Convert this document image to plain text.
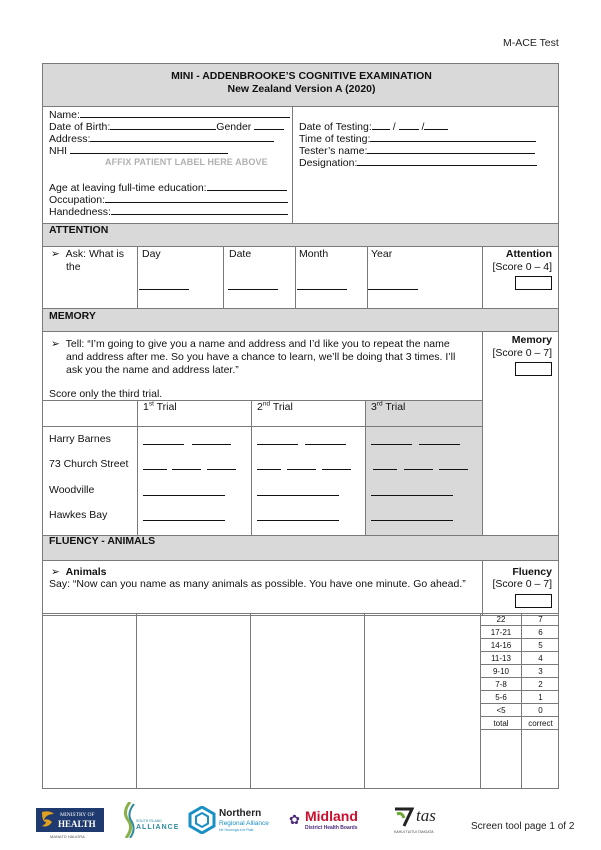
M-ACE Test
MINI - ADDENBROOKE’S COGNITIVE EXAMINATION
New Zealand Version A (2020)
Name:
Date of Birth:	Gender
Address:
NHI
AFFIX PATIENT LABEL HERE ABOVE
Age at leaving full-time education:
Occupation:
Handedness:
Date of Testing: / /
Time of testing:
Tester’s name:
Designation:
ATTENTION
➢ Ask: What is
the
Day	Date	Month	Year	Attention
[Score 0 – 4]
MEMORY
➢ Tell: “I’m going to give you a name and address and I’d like you to repeat the name
and address after me. So you have a chance to learn, we’ll be doing that 3 times. I’ll
ask you the name and address later.”
Score only the third trial.
Memory
[Score 0 – 7]
1st Trial	2nd Trial	3rd Trial
Harry Barnes
73 Church Street
Woodville
Hawkes Bay
FLUENCY - ANIMALS
➢ Animals
Say: “Now can you name as many animals as possible. You have one minute. Go ahead.”
Fluency
[Score 0 – 7]
22	7
17-21	6
14-16	5
11-13	4
9-10	3
7-8	2
5-6	1
<5	0
total	correct
MINISTRY OF
HEALTH
MANATŪ HAUORA
SOUTH ISLAND
ALLIANCE
Northern
Regional Alliance
He Hononga a te Raki
✿ Midland
District Health Boards
tas
KAHUI TUITUI TANGATA	Screen tool page 1 of 2
